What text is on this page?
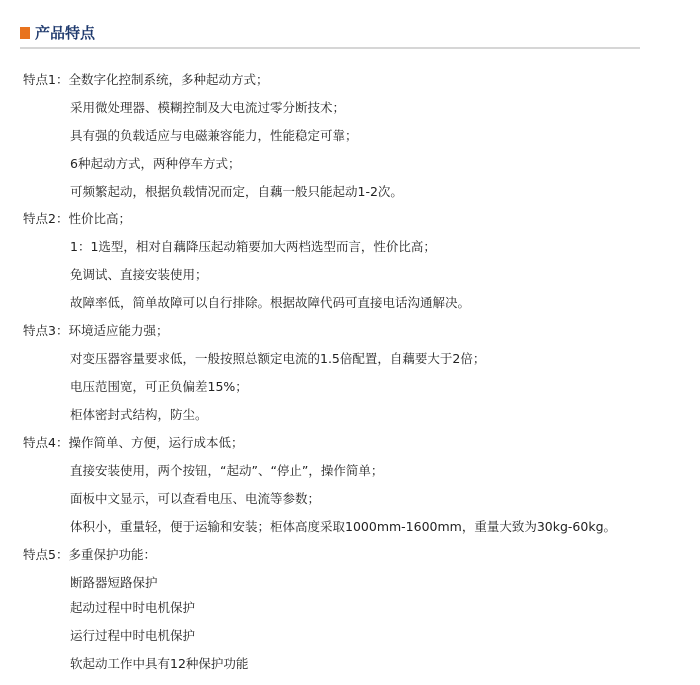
产品特点
特点1：全数字化控制系统，多种起动方式；
采用微处理器、模糊控制及大电流过零分断技术；
具有强的负载适应与电磁兼容能力，性能稳定可靠；
6种起动方式，两种停车方式；
可频繁起动，根据负载情况而定，自藕一般只能起动1-2次。
特点2：性价比高；
1：1选型，相对自藕降压起动箱要加大两档选型而言，性价比高；
免调试、直接安装使用；
故障率低，简单故障可以自行排除。根据故障代码可直接电话沟通解决。
特点3：环境适应能力强；
对变压器容量要求低，一般按照总额定电流的1.5倍配置，自藕要大于2倍；
电压范围宽，可正负偏差15%；
柜体密封式结构，防尘。
特点4：操作简单、方便，运行成本低；
直接安装使用，两个按钮，“起动”、“停止”，操作简单；
面板中文显示，可以查看电压、电流等参数；
体积小，重量轻，便于运输和安装；柜体高度采取1000mm-1600mm，重量大致为30kg-60kg。
特点5：多重保护功能：
断路器短路保护
起动过程中时电机保护
运行过程中时电机保护
软起动工作中具有12种保护功能
